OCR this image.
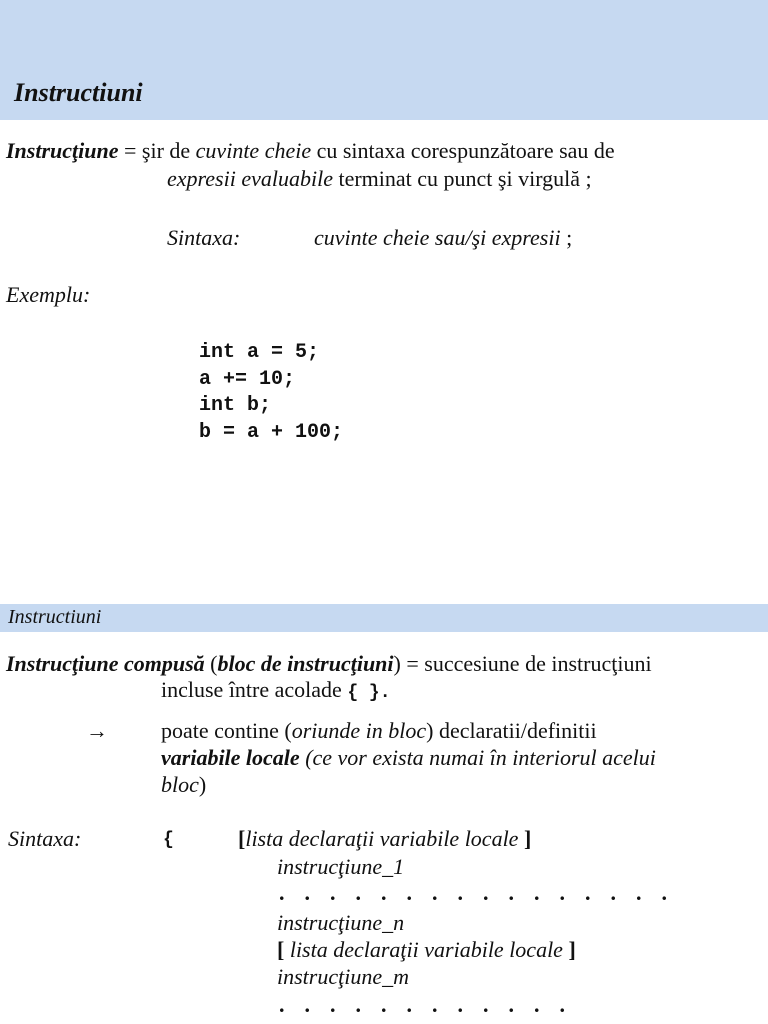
Instructiuni
Instrucţiune = şir de cuvinte cheie cu sintaxa corespunzătoare sau de
expresii evaluabile terminat cu punct şi virgulă ;
Sintaxa:	cuvinte cheie sau/şi expresii ;
Exemplu:
int a = 5;
a += 10;
int b;
b = a + 100;
Instructiuni
Instrucţiune compusă (bloc de instrucţiuni) = succesiune de instrucţiuni
incluse între acolade { }.
→ poate contine (oriunde in bloc) declaratii/definitii
variabile locale (ce vor exista numai în interiorul acelui
bloc)
Sintaxa:	{	[lista declaraţii variabile locale ]
instrucţiune_1
. . . . . . . . . . . . . . . .
instrucţiune_n
[ lista declaraţii variabile locale ]
instrucţiune_m
. . . . . . . . . . . .
